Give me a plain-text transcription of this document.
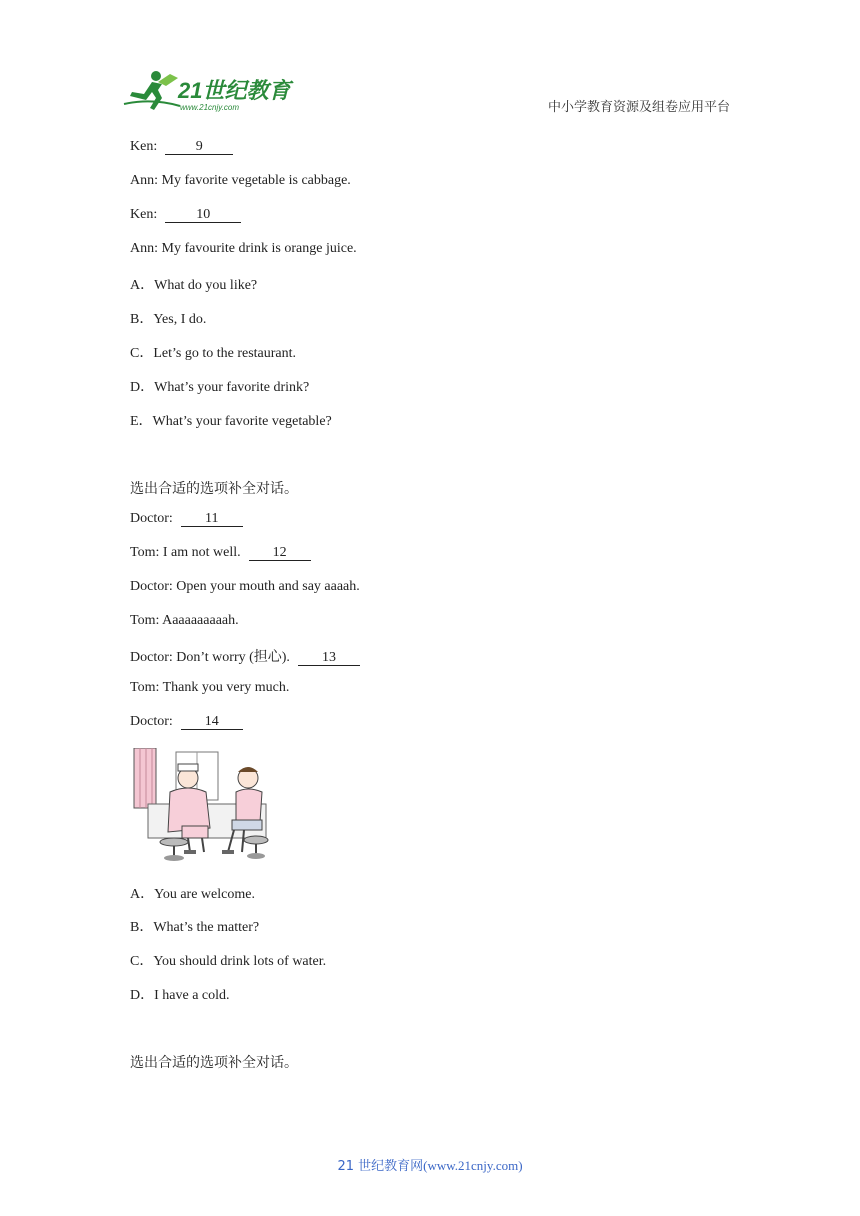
21世纪教育
www.21cnjy.com	中小学教育资源及组卷应用平台
Ken:	9
Ann: My favorite vegetable is cabbage.
Ken:	10
Ann: My favourite drink is orange juice.
A．What do you like?
B．Yes, I do.
C．Let’s go to the restaurant.
D．What’s your favorite drink?
E．What’s your favorite vegetable?
选出合适的选项补全对话。
Doctor: 11
Tom: I am not well. 12
Doctor: Open your mouth and say aaaah.
Tom: Aaaaaaaaaah.
Doctor: Don’t worry (担心). 13
Tom: Thank you very much.
Doctor: 14
A．You are welcome.
B．What’s the matter?
C．You should drink lots of water.
D．I have a cold.
选出合适的选项补全对话。
21 世纪教育网(www.21cnjy.com)
